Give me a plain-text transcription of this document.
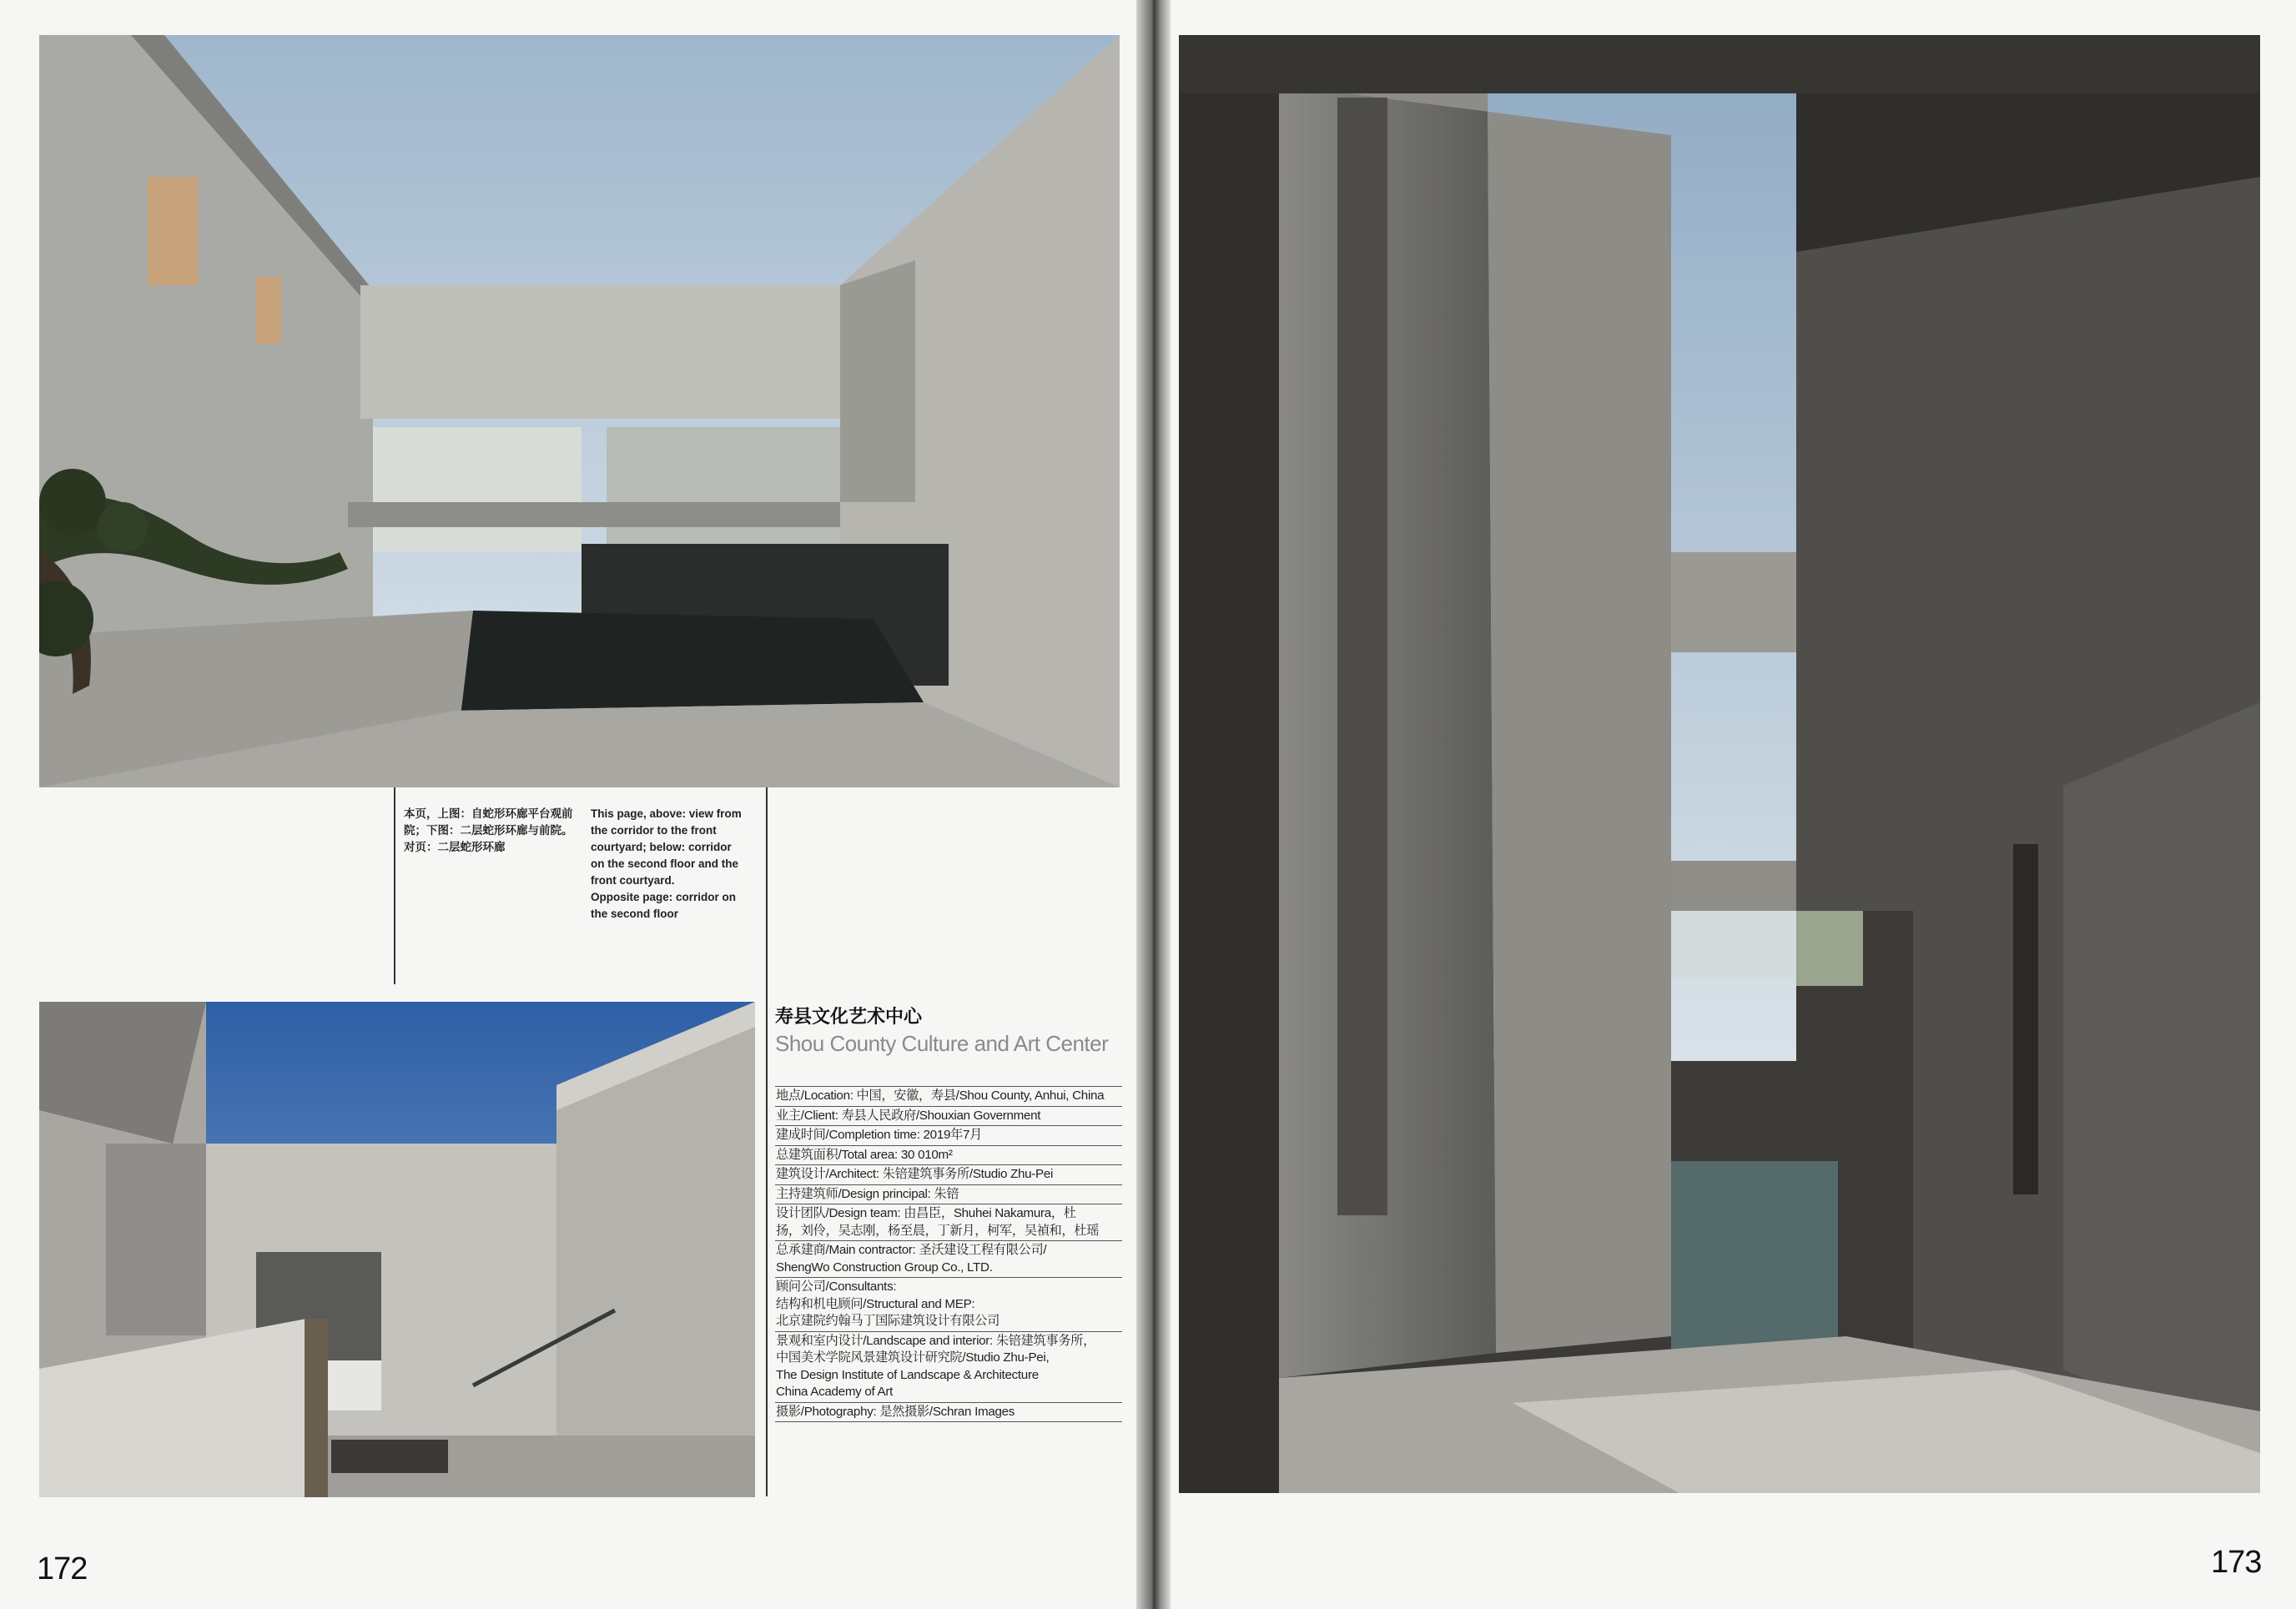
本页，上图：自蛇形环廊平台观前
院；下图：二层蛇形环廊与前院。
对页：二层蛇形环廊
This page, above: view from
the corridor to the front
courtyard; below: corridor
on the second floor and the
front courtyard.
Opposite page: corridor on
the second floor
寿县文化艺术中心
Shou County Culture and Art Center
地点/Location: 中国，安徽，寿县/Shou County, Anhui, China
业主/Client: 寿县人民政府/Shouxian Government
建成时间/Completion time: 2019年7月
总建筑面积/Total area: 30 010m²
建筑设计/Architect: 朱锫建筑事务所/Studio Zhu-Pei
主持建筑师/Design principal: 朱锫
设计团队/Design team: 由昌臣，Shuhei Nakamura，杜
扬，刘伶，吴志刚，杨至晨，丁新月，柯军，吴禎和，杜瑶
总承建商/Main contractor: 圣沃建设工程有限公司/
ShengWo Construction Group Co., LTD.
顾问公司/Consultants:
结构和机电顾问/Structural and MEP:
北京建院约翰马丁国际建筑设计有限公司
景观和室内设计/Landscape and interior: 朱锫建筑事务所，
中国美术学院风景建筑设计研究院/Studio Zhu-Pei,
The Design Institute of Landscape & Architecture
China Academy of Art
摄影/Photography: 是然摄影/Schran Images
172	173
